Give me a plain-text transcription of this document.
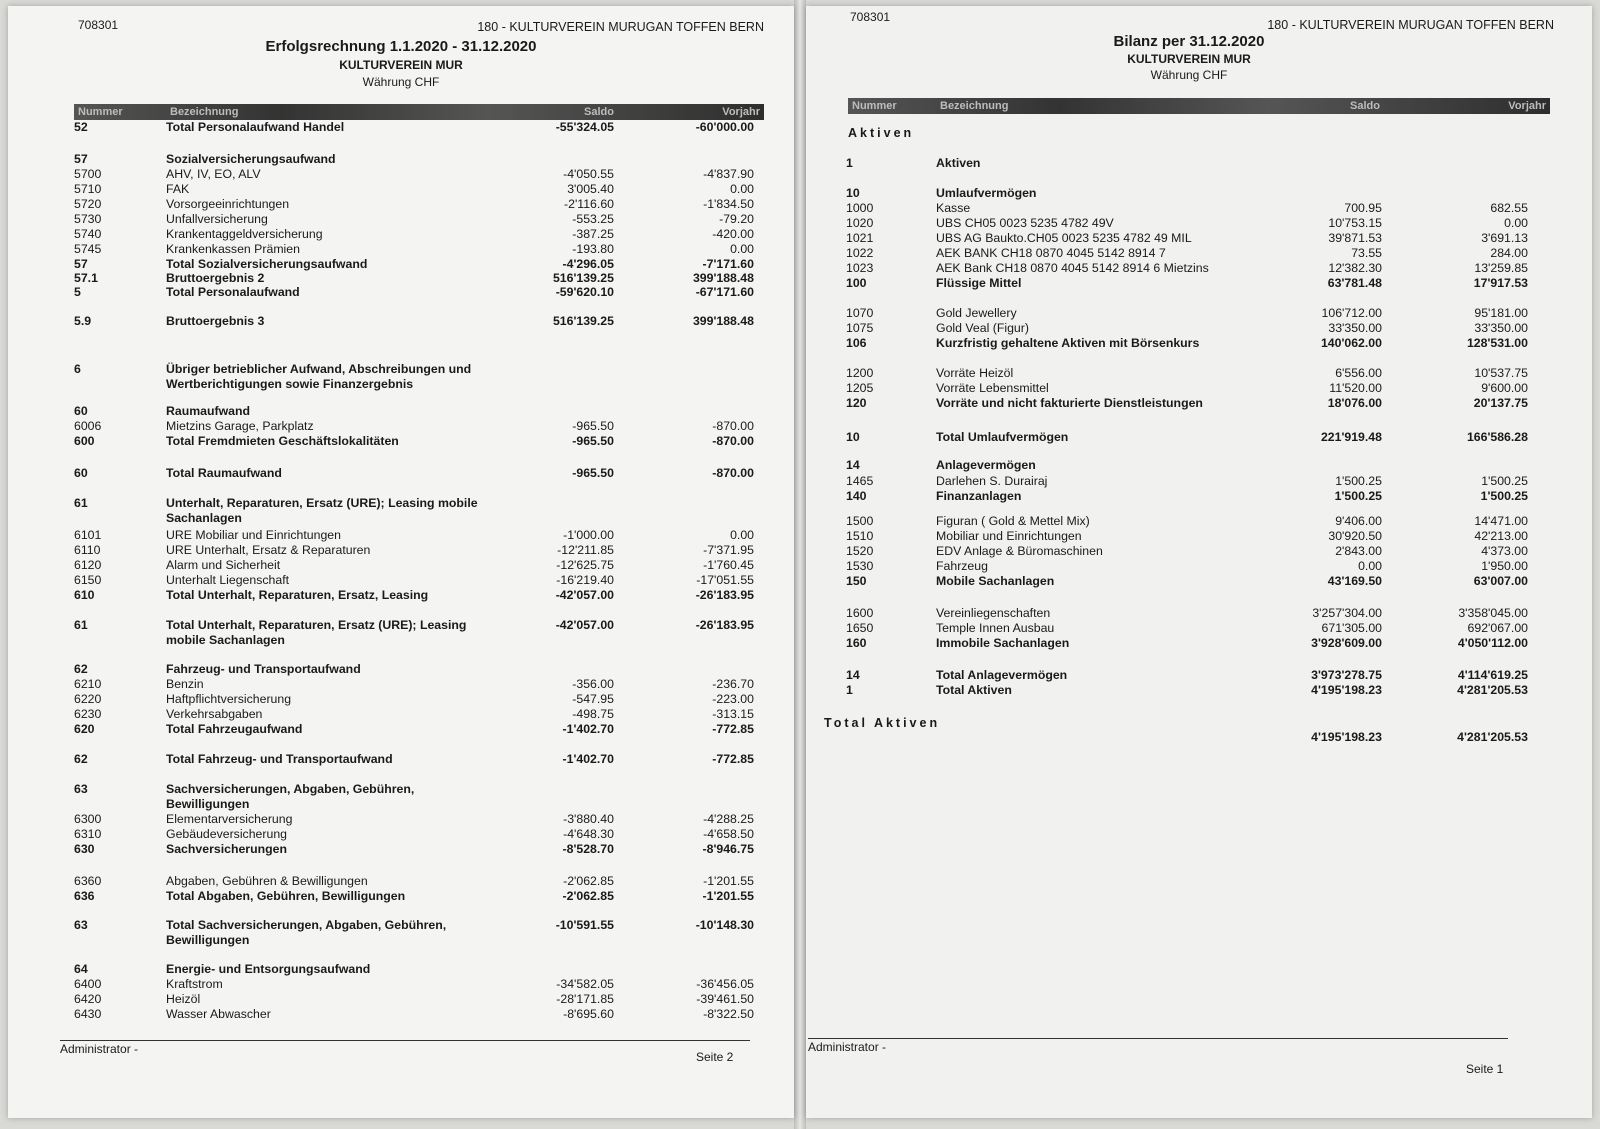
708301	180 - KULTURVEREIN MURUGAN TOFFEN BERN
Erfolgsrechnung 1.1.2020 - 31.12.2020
KULTURVEREIN MUR
Währung CHF
Nummer	Bezeichnung	Saldo	Vorjahr
52	Total Personalaufwand Handel	-55'324.05	-60'000.00
57	Sozialversicherungsaufwand
5700	AHV, IV, EO, ALV	-4'050.55	-4'837.90
5710	FAK	3'005.40	0.00
5720	Vorsorgeeinrichtungen	-2'116.60	-1'834.50
5730	Unfallversicherung	-553.25	-79.20
5740	Krankentaggeldversicherung	-387.25	-420.00
5745	Krankenkassen Prämien	-193.80	0.00
57	Total Sozialversicherungsaufwand	-4'296.05	-7'171.60
57.1	Bruttoergebnis 2	516'139.25	399'188.48
5	Total Personalaufwand	-59'620.10	-67'171.60
5.9	Bruttoergebnis 3	516'139.25	399'188.48
6	Übriger betrieblicher Aufwand, Abschreibungen und
Wertberichtigungen sowie Finanzergebnis
60	Raumaufwand
6006	Mietzins Garage, Parkplatz	-965.50	-870.00
600	Total Fremdmieten Geschäftslokalitäten	-965.50	-870.00
60	Total Raumaufwand	-965.50	-870.00
61	Unterhalt, Reparaturen, Ersatz (URE); Leasing mobile
Sachanlagen
6101	URE Mobiliar und Einrichtungen	-1'000.00	0.00
6110	URE Unterhalt, Ersatz & Reparaturen	-12'211.85	-7'371.95
6120	Alarm und Sicherheit	-12'625.75	-1'760.45
6150	Unterhalt Liegenschaft	-16'219.40	-17'051.55
610	Total Unterhalt, Reparaturen, Ersatz, Leasing	-42'057.00	-26'183.95
61	Total Unterhalt, Reparaturen, Ersatz (URE); Leasing
mobile Sachanlagen
-42'057.00	-26'183.95
62	Fahrzeug- und Transportaufwand
6210	Benzin	-356.00	-236.70
6220	Haftpflichtversicherung	-547.95	-223.00
6230	Verkehrsabgaben	-498.75	-313.15
620	Total Fahrzeugaufwand	-1'402.70	-772.85
62	Total Fahrzeug- und Transportaufwand	-1'402.70	-772.85
63	Sachversicherungen, Abgaben, Gebühren,
Bewilligungen
6300	Elementarversicherung	-3'880.40	-4'288.25
6310	Gebäudeversicherung	-4'648.30	-4'658.50
630	Sachversicherungen	-8'528.70	-8'946.75
6360	Abgaben, Gebühren & Bewilligungen	-2'062.85	-1'201.55
636	Total Abgaben, Gebühren, Bewilligungen	-2'062.85	-1'201.55
63	Total Sachversicherungen, Abgaben, Gebühren,
Bewilligungen
-10'591.55	-10'148.30
64	Energie- und Entsorgungsaufwand
6400	Kraftstrom	-34'582.05	-36'456.05
6420	Heizöl	-28'171.85	-39'461.50
6430	Wasser Abwascher	-8'695.60	-8'322.50
Administrator -
Seite 2
708301
180 - KULTURVEREIN MURUGAN TOFFEN BERN
Bilanz per 31.12.2020
KULTURVEREIN MUR
Währung CHF
Nummer	Bezeichnung	Saldo	Vorjahr
Aktiven
1	Aktiven
10	Umlaufvermögen
1000	Kasse	700.95	682.55
1020	UBS CH05 0023 5235 4782 49V	10'753.15	0.00
1021	UBS AG Baukto.CH05 0023 5235 4782 49 MIL	39'871.53	3'691.13
1022	AEK BANK CH18 0870 4045 5142 8914 7	73.55	284.00
1023	AEK Bank CH18 0870 4045 5142 8914 6 Mietzins	12'382.30	13'259.85
100	Flüssige Mittel	63'781.48	17'917.53
1070	Gold Jewellery	106'712.00	95'181.00
1075	Gold Veal (Figur)	33'350.00	33'350.00
106	Kurzfristig gehaltene Aktiven mit Börsenkurs	140'062.00	128'531.00
1200	Vorräte Heizöl	6'556.00	10'537.75
1205	Vorräte Lebensmittel	11'520.00	9'600.00
120	Vorräte und nicht fakturierte Dienstleistungen	18'076.00	20'137.75
10	Total Umlaufvermögen	221'919.48	166'586.28
14	Anlagevermögen
1465	Darlehen S. Durairaj	1'500.25	1'500.25
140	Finanzanlagen	1'500.25	1'500.25
1500	Figuran ( Gold & Mettel Mix)	9'406.00	14'471.00
1510	Mobiliar und Einrichtungen	30'920.50	42'213.00
1520	EDV Anlage & Büromaschinen	2'843.00	4'373.00
1530	Fahrzeug	0.00	1'950.00
150	Mobile Sachanlagen	43'169.50	63'007.00
1600	Vereinliegenschaften	3'257'304.00	3'358'045.00
1650	Temple Innen Ausbau	671'305.00	692'067.00
160	Immobile Sachanlagen	3'928'609.00	4'050'112.00
14	Total Anlagevermögen	3'973'278.75	4'114'619.25
1	Total Aktiven	4'195'198.23	4'281'205.53
Total Aktiven
4'195'198.23	4'281'205.53
Administrator -
Seite 1
